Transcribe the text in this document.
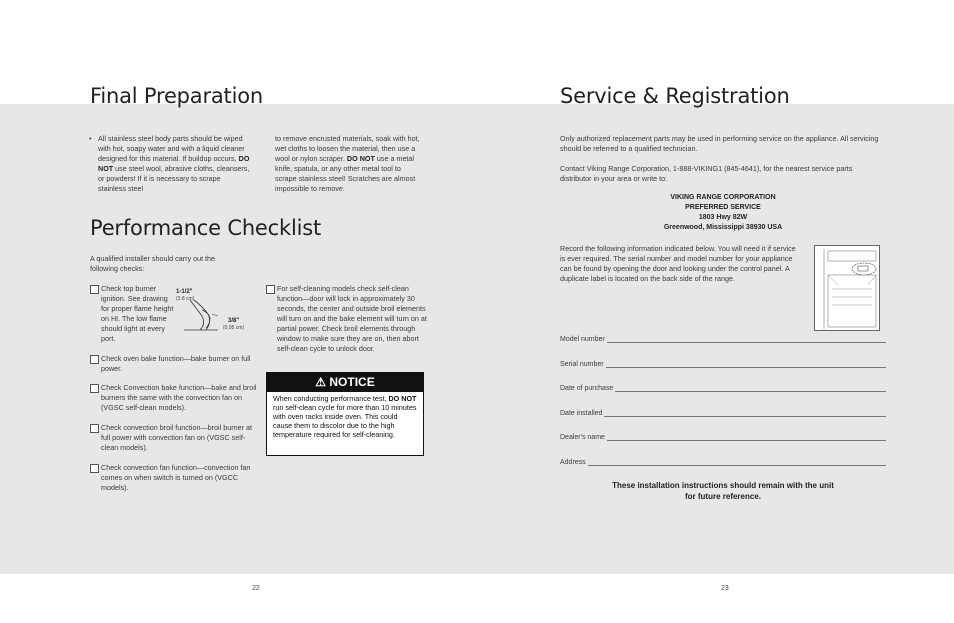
Final Preparation
• All stainless steel body parts should be wiped with hot, soapy water and with a liquid cleaner designed for this material. If buildup occurs, DO NOT use steel wool, abrasive cloths, cleansers, or powders! If it is necessary to scrape stainless steel
to remove encrusted materials, soak with hot, wet cloths to loosen the material, then use a wool or nylon scraper. DO NOT use a metal knife, spatula, or any other metal tool to scrape stainless steel! Scratches are almost impossible to remove.
Performance Checklist
A qualified installer should carry out the following checks:
Check top burner ignition. See drawing for proper flame height on HI. The low flame should light at every port.
1-1/2"
(3.8 cm)
3/8"
(0.95 cm)
Check oven bake function—bake burner on full power.
Check Convection bake function—bake and broil burners the same with the convection fan on (VGSC self-clean models).
Check convection broil function—broil burner at full power with convection fan on (VGSC self-clean models).
Check convection fan function—convection fan comes on when switch is turned on (VGCC models).
For self-cleaning models check self-clean function—door will lock in approximately 30 seconds, the center and outside broil elements will turn on and the bake element will turn on at partial power. Check broil elements through window to make sure they are on, then abort self-clean cycle to unlock door.
⚠ NOTICE
When conducting performance test, DO NOT run self-clean cycle for more than 10 minutes with oven racks inside oven. This could cause them to discolor due to the high temperature required for self-cleaning.
22
Service & Registration
Only authorized replacement parts may be used in performing service on the appliance. All servicing should be referred to a qualified technician.
Contact Viking Range Corporation, 1-888-VIKING1 (845-4641), for the nearest service parts distributor in your area or write to:
VIKING RANGE CORPORATION
PREFERRED SERVICE
1803 Hwy 82W
Greenwood, Mississippi 38930 USA
Record the following information indicated below. You will need it if service is ever required. The serial number and model number for your appliance can be found by opening the door and looking under the control panel. A duplicate label is located on the back side of the range.
Model number
Serial number
Date of purchase
Date installed
Dealer's name
Address
These installation instructions should remain with the unit
for future reference.
23
